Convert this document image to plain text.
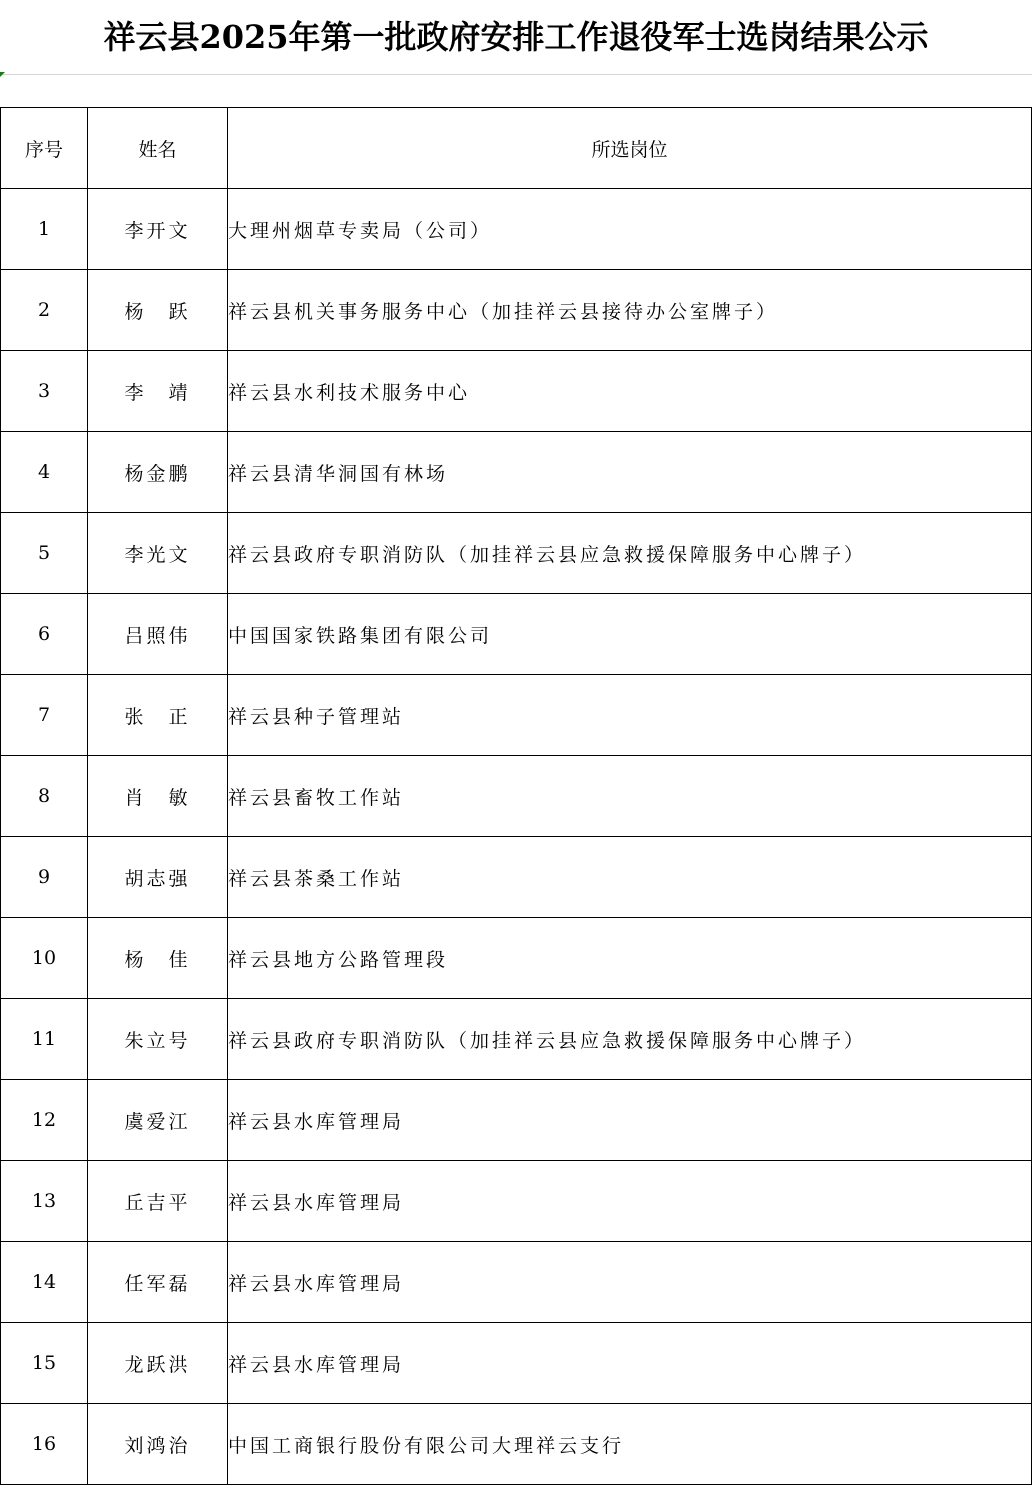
祥云县2025年第一批政府安排工作退役军士选岗结果公示
序号	姓名	所选岗位
1	李开文	大理州烟草专卖局（公司）
2	杨　跃	祥云县机关事务服务中心（加挂祥云县接待办公室牌子）
3	李　靖	祥云县水利技术服务中心
4	杨金鹏	祥云县清华洞国有林场
5	李光文	祥云县政府专职消防队（加挂祥云县应急救援保障服务中心牌子）
6	吕照伟	中国国家铁路集团有限公司
7	张　正	祥云县种子管理站
8	肖　敏	祥云县畜牧工作站
9	胡志强	祥云县茶桑工作站
10	杨　佳	祥云县地方公路管理段
11	朱立号	祥云县政府专职消防队（加挂祥云县应急救援保障服务中心牌子）
12	虞爱江	祥云县水库管理局
13	丘吉平	祥云县水库管理局
14	任军磊	祥云县水库管理局
15	龙跃洪	祥云县水库管理局
16	刘鸿治	中国工商银行股份有限公司大理祥云支行
